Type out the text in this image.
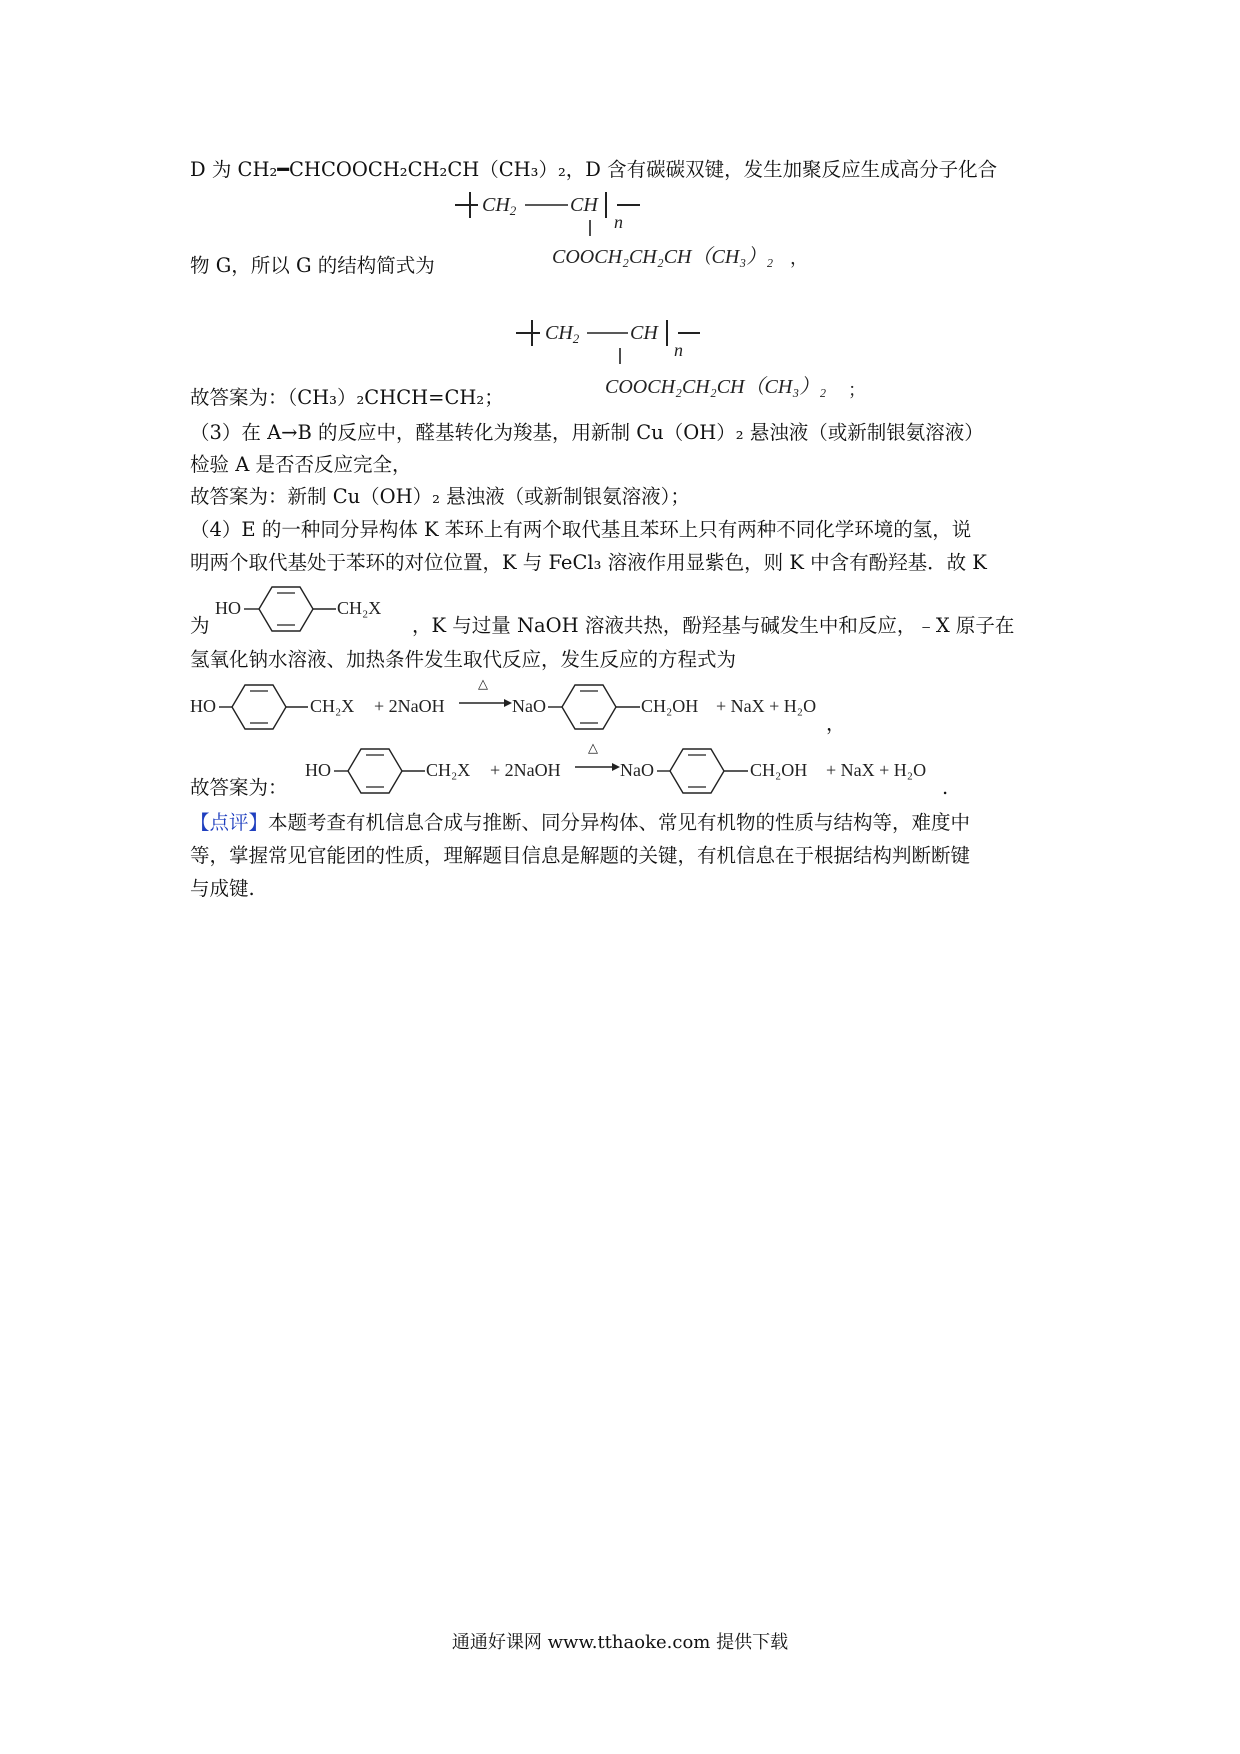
D 为 CH₂━CHCOOCH₂CH₂CH（CH₃）₂，D 含有碳碳双键，发生加聚反应生成高分子化合
$CH_2$	CH
n
COOCH₂CH₂CH（CH₃）₂ ，
物 G，所以 G 的结构简式为
$CH_2$	CH
n
COOCH₂CH₂CH（CH₃）₂ ；
故答案为：（CH₃）₂CHCH=CH₂；
（3）在 A→B 的反应中，醛基转化为羧基，用新制 Cu（OH）₂ 悬浊液（或新制银氨溶液）
检验 A 是否否反应完全，
故答案为：新制 Cu（OH）₂ 悬浊液（或新制银氨溶液）；
（4）E 的一种同分异构体 K 苯环上有两个取代基且苯环上只有两种不同化学环境的氢，说
明两个取代基处于苯环的对位位置，K 与 FeCl₃ 溶液作用显紫色，则 K 中含有酚羟基．故 K
为
HO	CH₂X
，K 与过量 NaOH 溶液共热，酚羟基与碱发生中和反应，﹣X 原子在
氢氧化钠水溶液、加热条件发生取代反应，发生反应的方程式为
HO	CH₂X + 2NaOH
△
NaO	CH₂OH + NaX + H₂O
，
故答案为：
HO	CH₂X + 2NaOH
△
NaO	CH₂OH + NaX + H₂O
.
【点评】本题考查有机信息合成与推断、同分异构体、常见有机物的性质与结构等，难度中
等，掌握常见官能团的性质，理解题目信息是解题的关键，有机信息在于根据结构判断断键
与成键.
通通好课网 www.tthaoke.com 提供下载
